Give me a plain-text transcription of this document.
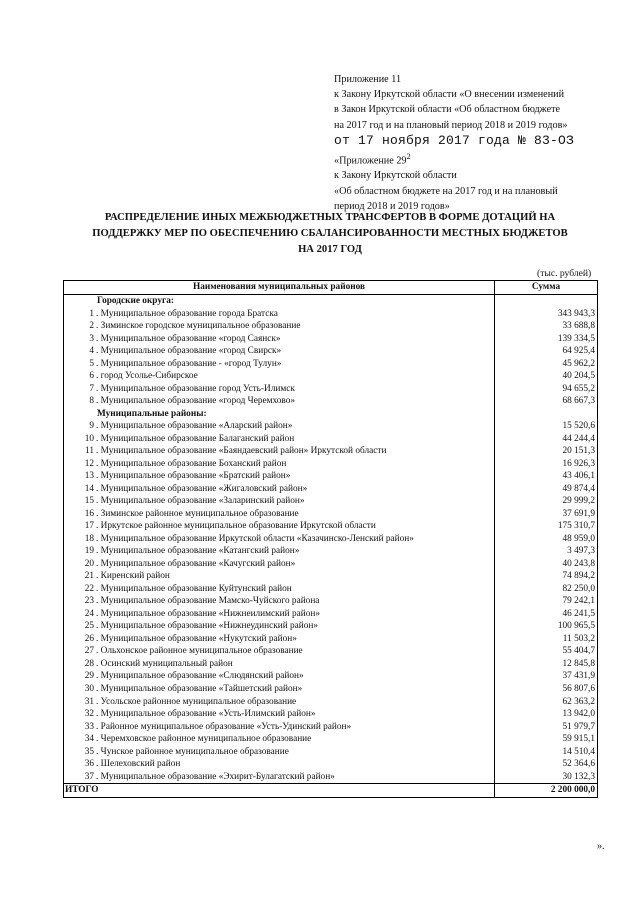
Приложение 11
к Закону Иркутской области «О внесении изменений
в Закон Иркутской области «Об областном бюджете
на 2017 год и на плановый период 2018 и 2019 годов»
от 17 ноября 2017 года № 83-ОЗ
«Приложение $29^2$
к Закону Иркутской области
«Об областном бюджете на 2017 год и на плановый
период 2018 и 2019 годов»
РАСПРЕДЕЛЕНИЕ ИНЫХ МЕЖБЮДЖЕТНЫХ ТРАНСФЕРТОВ В ФОРМЕ ДОТАЦИЙ НА
ПОДДЕРЖКУ МЕР ПО ОБЕСПЕЧЕНИЮ СБАЛАНСИРОВАННОСТИ МЕСТНЫХ БЮДЖЕТОВ
НА 2017 ГОД
(тыс. рублей)
Наименования муниципальных районов	Сумма
Городские округа:	
1 . Муниципальное образование города Братска	343 943,3
2 . Зиминское городское муниципальное образование	33 688,8
3 . Муниципальное образование «город Саянск»	139 334,5
4 . Муниципальное образование «город Свирск»	64 925,4
5 . Муниципальное образование - «город Тулун»	45 962,2
6 . город Усолье-Сибирское	40 204,5
7 . Муниципальное образование город Усть-Илимск	94 655,2
8 . Муниципальное образование «город Черемхово»	68 667,3
Муниципальные районы:	
9 . Муниципальное образование «Аларский район»	15 520,6
10 . Муниципальное образование Балаганский район	44 244,4
11 . Муниципальное образование «Баяндаевский район» Иркутской области	20 151,3
12 . Муниципальное образование Боханский район	16 926,3
13 . Муниципальное образование «Братский район»	43 406,1
14 . Муниципальное образование «Жигаловский район»	49 874,4
15 . Муниципальное образование «Заларинский район»	29 999,2
16 . Зиминское районное муниципальное образование	37 691,9
17 . Иркутское районное муниципальное образование Иркутской области	175 310,7
18 . Муниципальное образование Иркутской области «Казачинско-Ленский район»	48 959,0
19 . Муниципальное образование «Катангский район»	3 497,3
20 . Муниципальное образование «Качугский район»	40 243,8
21 . Киренский район	74 894,2
22 . Муниципальное образование Куйтунский район	82 250,0
23 . Муниципальное образование Мамско-Чуйского района	79 242,1
24 . Муниципальное образование «Нижнеилимский район»	46 241,5
25 . Муниципальное образование «Нижнеудинский район»	100 965,5
26 . Муниципальное образование «Нукутский район»	11 503,2
27 . Ольхонское районное муниципальное образование	55 404,7
28 . Осинский муниципальный район	12 845,8
29 . Муниципальное образование «Слюдянский район»	37 431,9
30 . Муниципальное образование «Тайшетский район»	56 807,6
31 . Усольское районное муниципальное образование	62 363,2
32 . Муниципальное образование «Усть-Илимский район»	13 942,0
33 . Районное муниципальное образование «Усть-Удинский район»	51 979,7
34 . Черемховское районное муниципальное образование	59 915,1
35 . Чунское районное муниципальное образование	14 510,4
36 . Шелеховский район	52 364,6
37 . Муниципальное образование «Эхирит-Булагатский район»	30 132,3
ИТОГО	2 200 000,0
».
